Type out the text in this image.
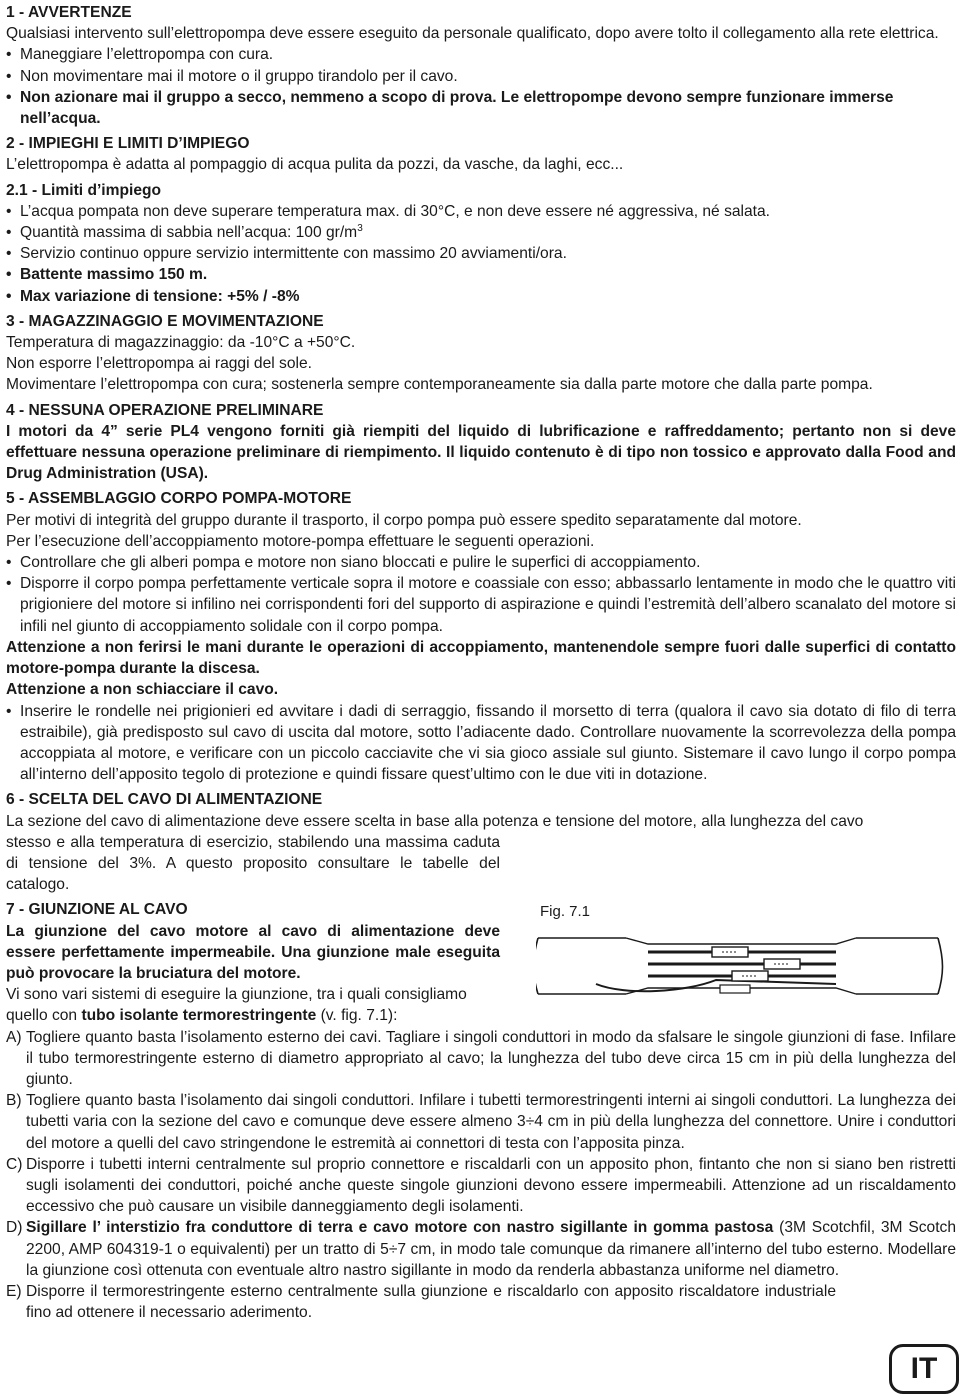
1 - AVVERTENZE

Qualsiasi intervento sull’elettropompa deve essere eseguito da personale qualificato, dopo avere tolto il collegamento alla rete elettrica.

• Maneggiare l’elettropompa con cura.
• Non movimentare mai il motore o il gruppo tirandolo per il cavo.
• Non azionare mai il gruppo a secco, nemmeno a scopo di prova. Le elettropompe devono sempre funzionare immerse nell’acqua.
2 - IMPIEGHI E LIMITI D’IMPIEGO

L’elettropompa è adatta al pompaggio di acqua pulita da pozzi, da vasche, da laghi, ecc...

2.1 - Limiti d’impiego
• L’acqua pompata non deve superare temperatura max. di 30°C, e non deve essere né aggressiva, né salata.
• Quantità massima di sabbia nell’acqua: 100 $gr/m^3$
• Servizio continuo oppure servizio intermittente con massimo 20 avviamenti/ora.
• Battente massimo 150 m.
• Max variazione di tensione: +5% / -8%
3 - MAGAZZINAGGIO E MOVIMENTAZIONE

Temperatura di magazzinaggio: da -10°C a +50°C.

Non esporre l’elettropompa ai raggi del sole.

Movimentare l’elettropompa con cura; sostenerla sempre contemporaneamente sia dalla parte motore che dalla parte pompa.

4 - NESSUNA OPERAZIONE PRELIMINARE

I motori da 4” serie PL4 vengono forniti già riempiti del liquido di lubrificazione e raffreddamento; pertanto non si deve effettuare nessuna operazione preliminare di riempimento. Il liquido contenuto è di tipo non tossico e approvato dalla Food and Drug Administration (USA).

5 - ASSEMBLAGGIO CORPO POMPA-MOTORE

Per motivi di integrità del gruppo durante il trasporto, il corpo pompa può essere spedito separatamente dal motore.

Per l’esecuzione dell’accoppiamento motore-pompa effettuare le seguenti operazioni.

• Controllare che gli alberi pompa e motore non siano bloccati e pulire le superfici di accoppiamento.
• Disporre il corpo pompa perfettamente verticale sopra il motore e coassiale con esso; abbassarlo lentamente in modo che le quattro viti prigioniere del motore si infilino nei corrispondenti fori del supporto di aspirazione e quindi l’estremità dell’albero scanalato del motore si infili nel giunto di accoppiamento solidale con il corpo pompa.

Attenzione a non ferirsi le mani durante le operazioni di accoppiamento, mantenendole sempre fuori dalle superfici di contatto motore-pompa durante la discesa.

Attenzione a non schiacciare il cavo.

• Inserire le rondelle nei prigionieri ed avvitare i dadi di serraggio, fissando il morsetto di terra (qualora il cavo sia dotato di filo di terra estraibile), già predisposto sul cavo di uscita dal motore, sotto l’adiacente dado. Controllare nuovamente la scorrevolezza della pompa accoppiata al motore, e verificare con un piccolo cacciavite che vi sia gioco assiale sul giunto. Sistemare il cavo lungo il corpo pompa all’interno dell’apposito tegolo di protezione e quindi fissare quest’ultimo con le due viti in dotazione.
6 - SCELTA DEL CAVO DI ALIMENTAZIONE

La sezione del cavo di alimentazione deve essere scelta in base alla potenza e tensione del motore, alla lunghezza del cavo

stesso e alla temperatura di esercizio, stabilendo una massima caduta di tensione del 3%. A questo proposito consultare le tabelle del catalogo.

7 - GIUNZIONE AL CAVO

La giunzione del cavo motore al cavo di alimentazione deve essere perfettamente impermeabile. Una giunzione male eseguita può provocare la bruciatura del motore.

Vi sono vari sistemi di eseguire la giunzione, tra i quali consigliamo quello con tubo isolante termorestringente (v. fig. 7.1):

A) Togliere quanto basta l’isolamento esterno dei cavi. Tagliare i singoli conduttori in modo da sfalsare le singole giunzioni di fase. Infilare il tubo termorestringente esterno di diametro appropriato al cavo; la lunghezza del tubo deve circa 15 cm in più della lunghezza del giunto.
B) Togliere quanto basta l’isolamento dai singoli conduttori. Infilare i tubetti termorestringenti interni ai singoli conduttori. La lunghezza dei tubetti varia con la sezione del cavo e comunque deve essere almeno 3÷4 cm in più della lunghezza del connettore. Unire i conduttori del motore a quelli del cavo stringendone le estremità ai connettori di testa con l’apposita pinza.
C) Disporre i tubetti interni centralmente sul proprio connettore e riscaldarli con un apposito phon, fintanto che non si siano ben ristretti sugli isolamenti dei conduttori, poiché anche queste singole giunzioni devono essere impermeabili. Attenzione ad un riscaldamento eccessivo che può causare un visibile danneggiamento degli isolamenti.
D) Sigillare l’ interstizio fra conduttore di terra e cavo motore con nastro sigillante in gomma pastosa (3M Scotchfil, 3M Scotch 2200, AMP 604319-1 o equivalenti) per un tratto di 5÷7 cm, in modo tale comunque da rimanere all’interno del tubo esterno. Modellare la giunzione così ottenuta con eventuale altro nastro sigillante in modo da renderla abbastanza uniforme nel diametro.
E) Disporre il termorestringente esterno centralmente sulla giunzione e riscaldarlo con apposito riscaldatore industriale fino ad ottenere il necessario aderimento.
Fig. 7.1
IT
